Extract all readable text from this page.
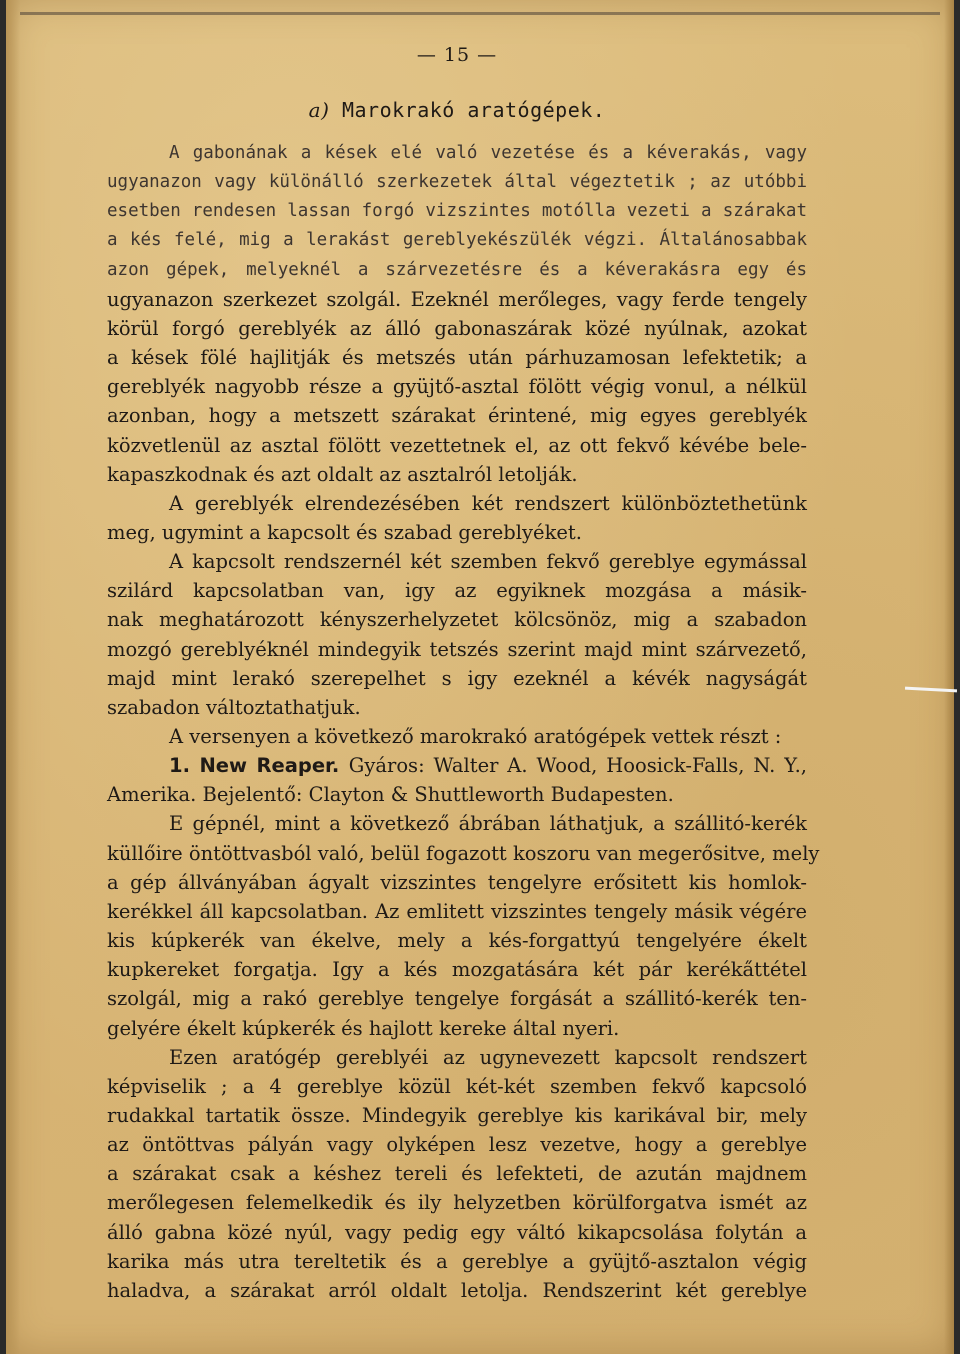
— 15 —
a) Marokrakó aratógépek.
A gabonának a kések elé való vezetése és a kéverakás, vagy
ugyanazon vagy különálló szerkezetek által végeztetik ; az utóbbi
esetben rendesen lassan forgó vizszintes motólla vezeti a szárakat
a kés felé, mig a lerakást gereblyekészülék végzi. Általánosabbak
azon gépek, melyeknél a szárvezetésre és a kéverakásra egy és
ugyanazon szerkezet szolgál. Ezeknél merőleges, vagy ferde tengely
körül forgó gereblyék az álló gabonaszárak közé nyúlnak, azokat
a kések fölé hajlitják és metszés után párhuzamosan lefektetik; a
gereblyék nagyobb része a gyüjtő-asztal fölött végig vonul, a nélkül
azonban, hogy a metszett szárakat érintené, mig egyes gereblyék
közvetlenül az asztal fölött vezettetnek el, az ott fekvő kévébe bele-
kapaszkodnak és azt oldalt az asztalról letolják.
A gereblyék elrendezésében két rendszert különböztethetünk
meg, ugymint a kapcsolt és szabad gereblyéket.
A kapcsolt rendszernél két szemben fekvő gereblye egymással
szilárd kapcsolatban van, igy az egyiknek mozgása a másik-
nak meghatározott kényszerhelyzetet kölcsönöz, mig a szabadon
mozgó gereblyéknél mindegyik tetszés szerint majd mint szárvezető,
majd mint lerakó szerepelhet s igy ezeknél a kévék nagyságát
szabadon változtathatjuk.
A versenyen a következő marokrakó aratógépek vettek részt :
1. New Reaper. Gyáros: Walter A. Wood, Hoosick-Falls, N. Y.,
Amerika. Bejelentő: Clayton & Shuttleworth Budapesten.
E gépnél, mint a következő ábrában láthatjuk, a szállitó-kerék
küllőire öntöttvasból való, belül fogazott koszoru van megerősitve, mely
a gép állványában ágyalt vizszintes tengelyre erősitett kis homlok-
kerékkel áll kapcsolatban. Az emlitett vizszintes tengely másik végére
kis kúpkerék van ékelve, mely a kés-forgattyú tengelyére ékelt
kupkereket forgatja. Igy a kés mozgatására két pár keréka̋ttétel
szolgál, mig a rakó gereblye tengelye forgását a szállitó-kerék ten-
gelyére ékelt kúpkerék és hajlott kereke által nyeri.
Ezen aratógép gereblyéi az ugynevezett kapcsolt rendszert
képviselik ; a 4 gereblye közül két-két szemben fekvő kapcsoló
rudakkal tartatik össze. Mindegyik gereblye kis karikával bir, mely
az öntöttvas pályán vagy olyképen lesz vezetve, hogy a gereblye
a szárakat csak a késhez tereli és lefekteti, de azután majdnem
merőlegesen felemelkedik és ily helyzetben körülforgatva ismét az
álló gabna közé nyúl, vagy pedig egy váltó kikapcsolása folytán a
karika más utra tereltetik és a gereblye a gyüjtő-asztalon végig
haladva, a szárakat arról oldalt letolja. Rendszerint két gereblye
